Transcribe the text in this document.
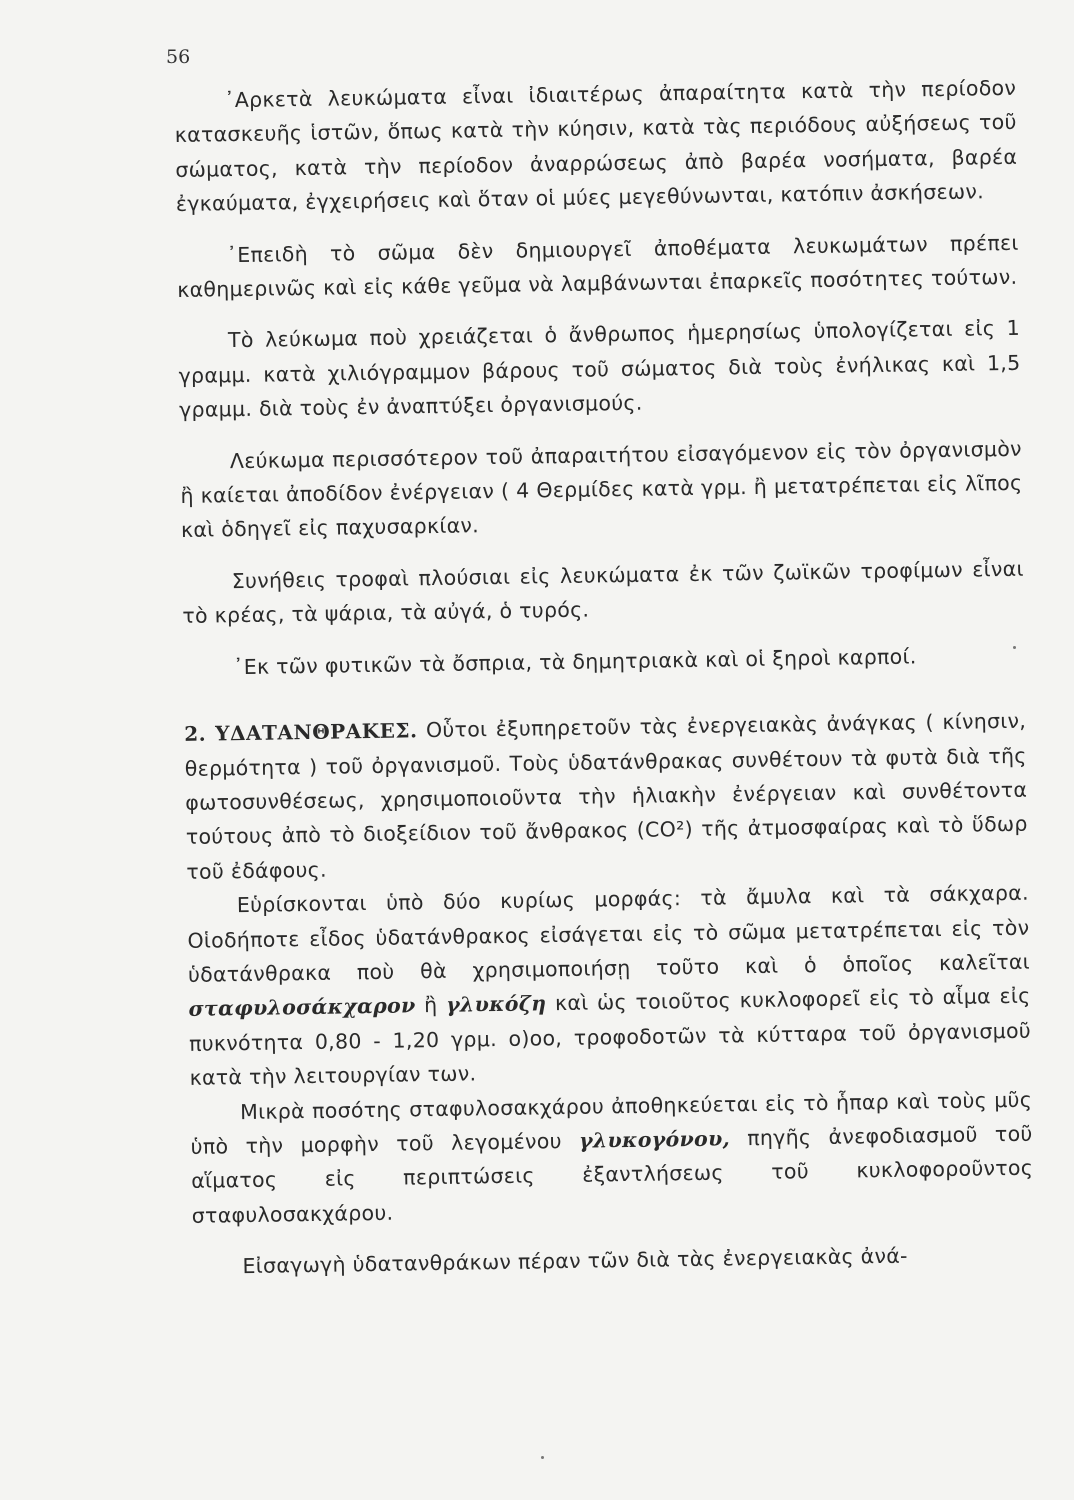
56

᾿Αρκετὰ λευκώματα εἶναι ἰδιαιτέρως ἀπαραίτητα κατὰ τὴν περίοδον κατασκευῆς ἱστῶν, ὅπως κατὰ τὴν κύησιν, κατὰ τὰς περιόδους αὐξήσεως τοῦ σώματος, κατὰ τὴν περίοδον ἀναρρώσεως ἀπὸ βαρέα νοσήματα, βαρέα ἐγκαύματα, ἐγχειρήσεις καὶ ὅταν οἱ μύες μεγεθύνωνται, κατόπιν ἀσκήσεων.

᾿Επειδὴ τὸ σῶμα δὲν δημιουργεῖ ἀποθέματα λευκωμάτων πρέπει καθημερινῶς καὶ εἰς κάθε γεῦμα νὰ λαμβάνωνται ἐπαρκεῖς ποσότητες τούτων.

Τὸ λεύκωμα ποὺ χρειάζεται ὁ ἄνθρωπος ἡμερησίως ὑπολογίζεται εἰς 1 γραμμ. κατὰ χιλιόγραμμον βάρους τοῦ σώματος διὰ τοὺς ἐνήλικας καὶ 1,5 γραμμ. διὰ τοὺς ἐν ἀναπτύξει ὀργανισμούς.

Λεύκωμα περισσότερον τοῦ ἀπαραιτήτου εἰσαγόμενον εἰς τὸν ὀργανισμὸν ἢ καίεται ἀποδίδον ἐνέργειαν ( 4 Θερμίδες κατὰ γρμ. ἢ μετατρέπεται εἰς λῖπος καὶ ὁδηγεῖ εἰς παχυσαρκίαν.

Συνήθεις τροφαὶ πλούσιαι εἰς λευκώματα ἐκ τῶν ζωϊκῶν τροφίμων εἶναι τὸ κρέας, τὰ ψάρια, τὰ αὐγά, ὁ τυρός.

᾿Εκ τῶν φυτικῶν τὰ ὄσπρια, τὰ δημητριακὰ καὶ οἱ ξηροὶ καρποί.

2. ΥΔΑΤΑΝΘΡΑΚΕΣ. Οὗτοι ἐξυπηρετοῦν τὰς ἐνεργειακὰς ἀνάγκας ( κίνησιν, θερμότητα ) τοῦ ὀργανισμοῦ. Τοὺς ὑδατάνθρακας συνθέτουν τὰ φυτὰ διὰ τῆς φωτοσυνθέσεως, χρησιμοποιοῦντα τὴν ἡλιακὴν ἐνέργειαν καὶ συνθέτοντα τούτους ἀπὸ τὸ διοξείδιον τοῦ ἄνθρακος (CO²) τῆς ἀτμοσφαίρας καὶ τὸ ὕδωρ τοῦ ἐδάφους.

Εὑρίσκονται ὑπὸ δύο κυρίως μορφάς: τὰ ἄμυλα καὶ τὰ σάκχαρα. Οἱοδήποτε εἶδος ὑδατάνθρακος εἰσάγεται εἰς τὸ σῶμα μετατρέπεται εἰς τὸν ὑδατάνθρακα ποὺ θὰ χρησιμοποιήσῃ τοῦτο καὶ ὁ ὁποῖος καλεῖται σταφυλοσάκχαρον ἢ γλυκόζη καὶ ὡς τοιοῦτος κυκλοφορεῖ εἰς τὸ αἷμα εἰς πυκνότητα 0,80 - 1,20 γρμ. ο)οο, τροφοδοτῶν τὰ κύτταρα τοῦ ὀργανισμοῦ κατὰ τὴν λειτουργίαν των.

Μικρὰ ποσότης σταφυλοσακχάρου ἀποθηκεύεται εἰς τὸ ἧπαρ καὶ τοὺς μῦς ὑπὸ τὴν μορφὴν τοῦ λεγομένου γλυκογόνου, πηγῆς ἀνεφοδιασμοῦ τοῦ αἵματος εἰς περιπτώσεις ἐξαντλήσεως τοῦ κυκλοφοροῦντος σταφυλοσακχάρου.

Εἰσαγωγὴ ὑδατανθράκων πέραν τῶν διὰ τὰς ἐνεργειακὰς ἀνά-
